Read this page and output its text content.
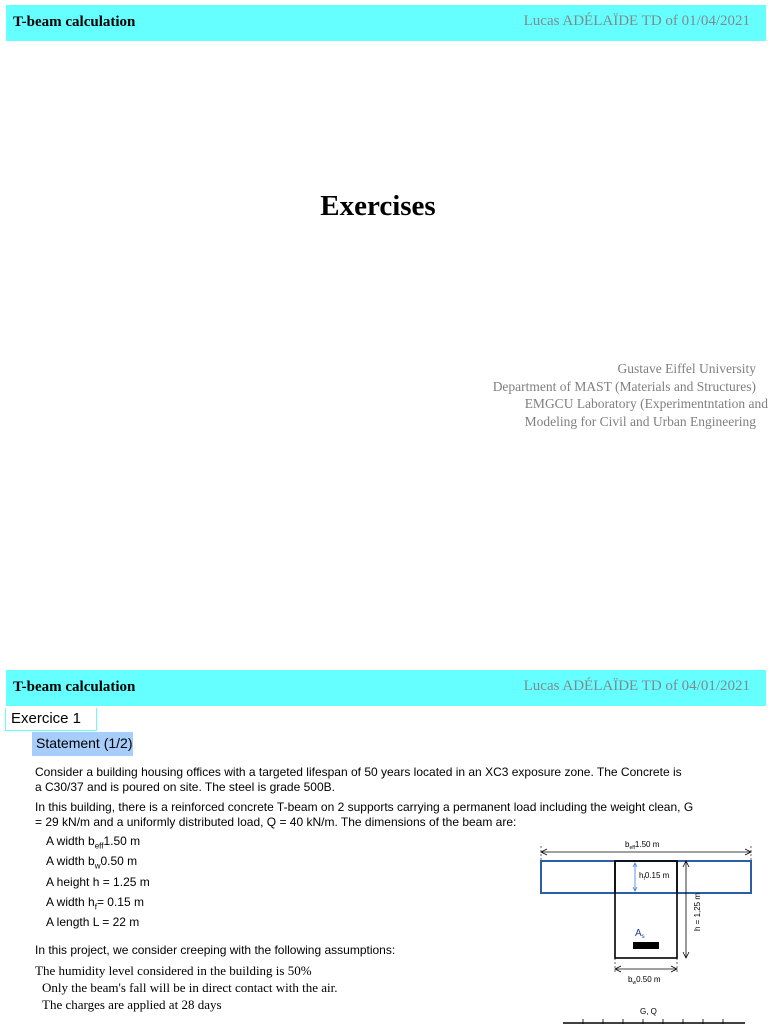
T-beam calculation	Lucas ADÉLAÏDE TD of 01/04/2021
Exercises
Gustave Eiffel University
Department of MAST (Materials and Structures)
EMGCU Laboratory (Experimentntation and
Modeling for Civil and Urban Engineering
T-beam calculation	Lucas ADÉLAÏDE TD of 04/01/2021
Exercice 1
Statement (1/2)
Consider a building housing offices with a targeted lifespan of 50 years located in an XC3 exposure zone. The Concrete is a C30/37 and is poured on site. The steel is grade 500B.
In this building, there is a reinforced concrete T-beam on 2 supports carrying a permanent load including the weight clean, G = 29 kN/m and a uniformly distributed load, Q = 40 kN/m. The dimensions of the beam are:
A width $b_{eff}1.50$ m
A width $b_w0.50$ m
A height h = 1.25 m
A width $h_f= 0.15$ m
A length L = 22 m
In this project, we consider creeping with the following assumptions:
The humidity level considered in the building is 50%
Only the beam's fall will be in direct contact with the air.
The charges are applied at 28 days
$b_{eff}1.50$ m
$h_f0.15$ m
h = 1,25 m
$A_s$
$b_w0.50$ m
G, Q
